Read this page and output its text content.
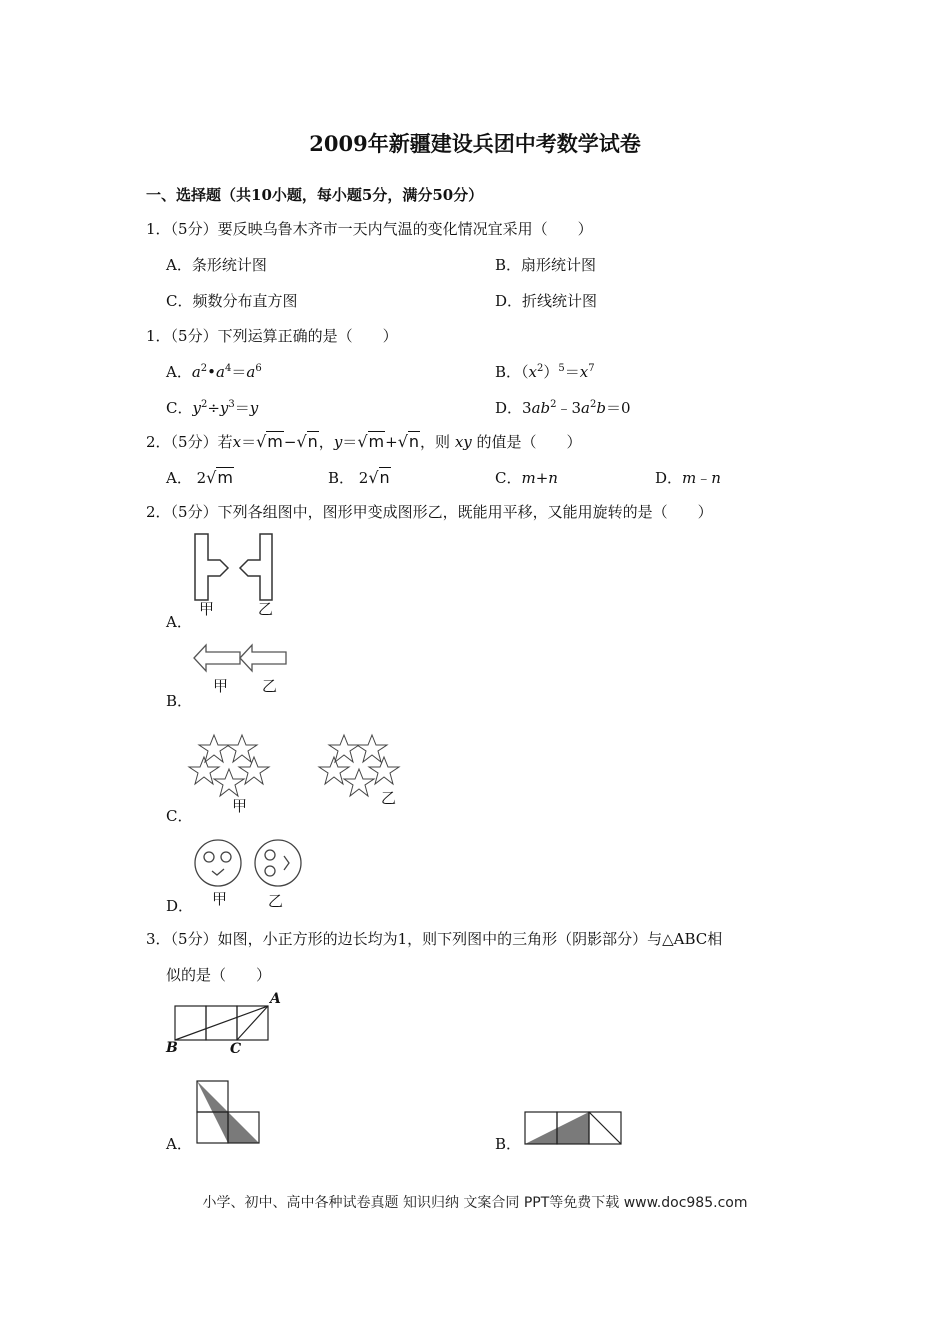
2009年新疆建设兵团中考数学试卷
一、选择题（共10小题，每小题5分，满分50分）
1．（5分）要反映乌鲁木齐市一天内气温的变化情况宜采用（　　）
A．条形统计图	B．扇形统计图
C．频数分布直方图	D．折线统计图
1．（5分）下列运算正确的是（　　）
A．$a^2•a^4=a^6$	B．$(x^2)^5=x^7$
C．$y^2\div y^3=y$	D．$3ab^2﹣3a^2b=0$
2．（5分）若x＝√m−√n，y＝√m+√n，则 xy 的值是（　　）
A． 2√m	B． 2√n	C．m+n	D．m﹣n
2．（5分）下列各组图中，图形甲变成图形乙，既能用平移，又能用旋转的是（　　）
A．
甲	乙
B．
甲 乙
C．
甲	乙
D． 甲	乙
3．（5分）如图，小正方形的边长均为1，则下列图中的三角形（阴影部分）与△ABC相
似的是（　　）
A
B	C
A．	B．
小学、初中、高中各种试卷真题 知识归纳 文案合同 PPT等免费下载 www.doc985.com
